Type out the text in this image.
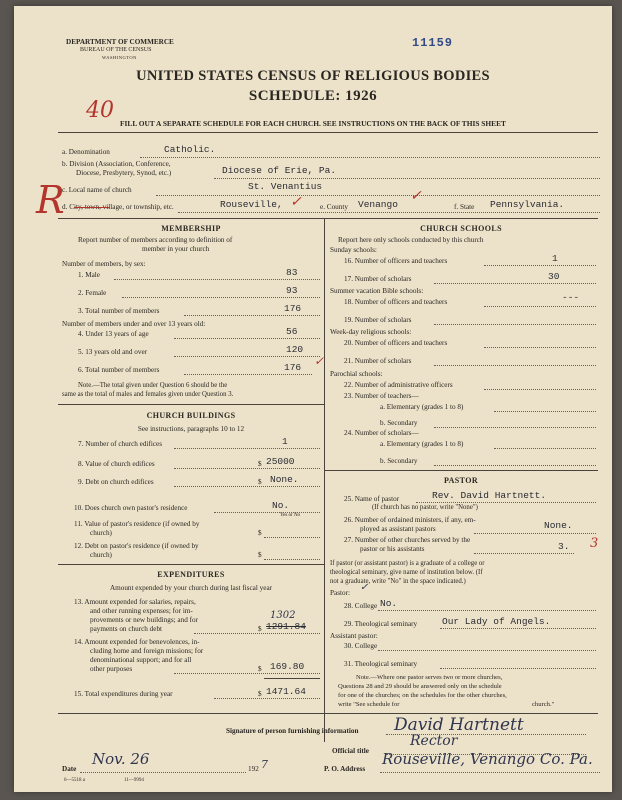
DEPARTMENT OF COMMERCE
BUREAU OF THE CENSUS
WASHINGTON
11159
UNITED STATES CENSUS OF RELIGIOUS BODIES
SCHEDULE: 1926
40
FILL OUT A SEPARATE SCHEDULE FOR EACH CHURCH. SEE INSTRUCTIONS ON THE BACK OF THIS SHEET
R
a. Denomination	Catholic.
b. Division (Association, Conference,
Diocese, Presbytery, Synod, etc.)	Diocese of Erie, Pa.
c. Local name of church	St. Venantius
d. City, town, village, or township, etc.	Rouseville, ✓	e. County Venango
✓
f. State Pennsylvania.
MEMBERSHIP
Report number of members according to definition of
member in your church
Number of members, by sex:
1. Male	83
2. Female	93
3. Total number of members	176
Number of members under and over 13 years old:
4. Under 13 years of age	56
5. 13 years old and over	120
6. Total number of members	176 ✓
Note.—The total given under Question 6 should be the
same as the total of males and females given under Question 3.
CHURCH BUILDINGS
See instructions, paragraphs 10 to 12
7. Number of church edifices	1
8. Value of church edifices	$ 25000
9. Debt on church edifices	$ None.
10. Does church own pastor's residence	No.
Yes or No
11. Value of pastor's residence (if owned by
church)	$
12. Debt on pastor's residence (if owned by
church)	$
EXPENDITURES
Amount expended by your church during last fiscal year
13. Amount expended for salaries, repairs,
and other running expenses; for im-
provements or new buildings; and for
payments on church debt
1302
$ 1291.84
14. Amount expended for benevolences, in-
cluding home and foreign missions; for
denominational support; and for all
other purposes	$ 169.80
15. Total expenditures during year	$ 1471.64
CHURCH SCHOOLS
Report here only schools conducted by this church
Sunday schools:
16. Number of officers and teachers	1
17. Number of scholars	30
Summer vacation Bible schools:
18. Number of officers and teachers	---
19. Number of scholars
Week-day religious schools:
20. Number of officers and teachers
21. Number of scholars
Parochial schools:
22. Number of administrative officers
23. Number of teachers—
a. Elementary (grades 1 to 8)
b. Secondary
24. Number of scholars—
a. Elementary (grades 1 to 8)
b. Secondary
PASTOR
25. Name of pastor	Rev. David Hartnett.
(If church has no pastor, write "None")
26. Number of ordained ministers, if any, em-
ployed as assistant pastors	None.
27. Number of other churches served by the
pastor or his assistants	3. 3
If pastor (or assistant pastor) is a graduate of a college or
theological seminary, give name of institution below. (If
not a graduate, write "No" in the space indicated.)
Pastor: ✓
28. College No.
29. Theological seminary	Our Lady of Angels.
Assistant pastor:
30. College
31. Theological seminary
Note.—Where one pastor serves two or more churches,
Questions 28 and 29 should be answered only on the schedule
for one of the churches; on the schedules for the other churches,
write "See schedule for	church."
Signature of person furnishing information David Hartnett
Official title
Rector
Date
Nov. 26
192 7	P. O. Address
Rouseville, Venango Co. Pa.
6—5518 a	11—9994
